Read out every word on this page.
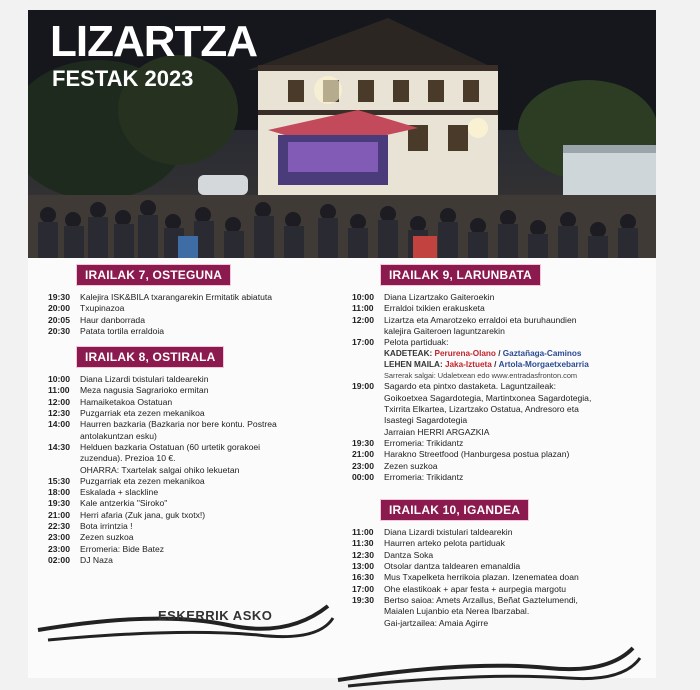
LIZARTZA
FESTAK 2023
IRAILAK 7, OSTEGUNA
19:30	Kalejira ISK&BILA txarangarekin Ermitatik abiatuta
20:00	Txupinazoa
20:05	Haur danborrada
20:30	Patata tortila erraldoia
IRAILAK 8, OSTIRALA
10:00	Diana Lizardi txistulari taldearekin
11:00	Meza nagusia Sagrarioko ermitan
12:00	Hamaiketakoa Ostatuan
12:30	Puzgarriak eta zezen mekanikoa
14:00	Haurren bazkaria (Bazkaria nor bere kontu. Postrea
antolakuntzan esku)
14:30	Helduen bazkaria Ostatuan (60 urtetik gorakoei
zuzendua). Prezioa 10 €.
OHARRA: Txartelak salgai ohiko lekuetan
15:30	Puzgarriak eta zezen mekanikoa
18:00	Eskalada + slackline
19:30	Kale antzerkia "Siroko"
21:00	Herri afaria (Zuk jana, guk txotx!)
22:30	Bota irrintzia !
23:00	Zezen suzkoa
23:00	Erromeria: Bide Batez
02:00	DJ Naza
IRAILAK 9, LARUNBATA
10:00	Diana Lizartzako Gaiteroekin
11:00	Erraldoi txikien erakusketa
12:00	Lizartza eta Amarotzeko erraldoi eta buruhaundien
kalejira Gaiteroen laguntzarekin
17:00	Pelota partiduak:
KADETEAK: Perurena-Olano / Gaztañaga-Caminos
LEHEN MAILA: Jaka-Iztueta / Artola-Morgaetxebarria
Sarrerak salgai: Udaletxean edo www.entradasfronton.com
19:00	Sagardo eta pintxo dastaketa. Laguntzaileak:
Goikoetxea Sagardotegia, Martintxonea Sagardotegia,
Txirrita Elkartea, Lizartzako Ostatua, Andresoro eta
Isastegi Sagardotegia
Jarraian HERRI ARGAZKIA
19:30	Erromeria: Trikidantz
21:00	Harakno Streetfood (Hanburgesa postua plazan)
23:00	Zezen suzkoa
00:00	Erromeria: Trikidantz
IRAILAK 10, IGANDEA
11:00	Diana Lizardi txistulari taldearekin
11:30	Haurren arteko pelota partiduak
12:30	Dantza Soka
13:00	Otsolar dantza taldearen emanaldia
16:30	Mus Txapelketa herrikoia plazan. Izenematea doan
17:00	Ohe elastikoak + apar festa + aurpegia margotu
19:30	Bertso saioa: Amets Arzallus, Beñat Gaztelumendi,
Maialen Lujanbio eta Nerea Ibarzabal.
Gai-jartzailea: Amaia Agirre
ESKERRIK ASKO
